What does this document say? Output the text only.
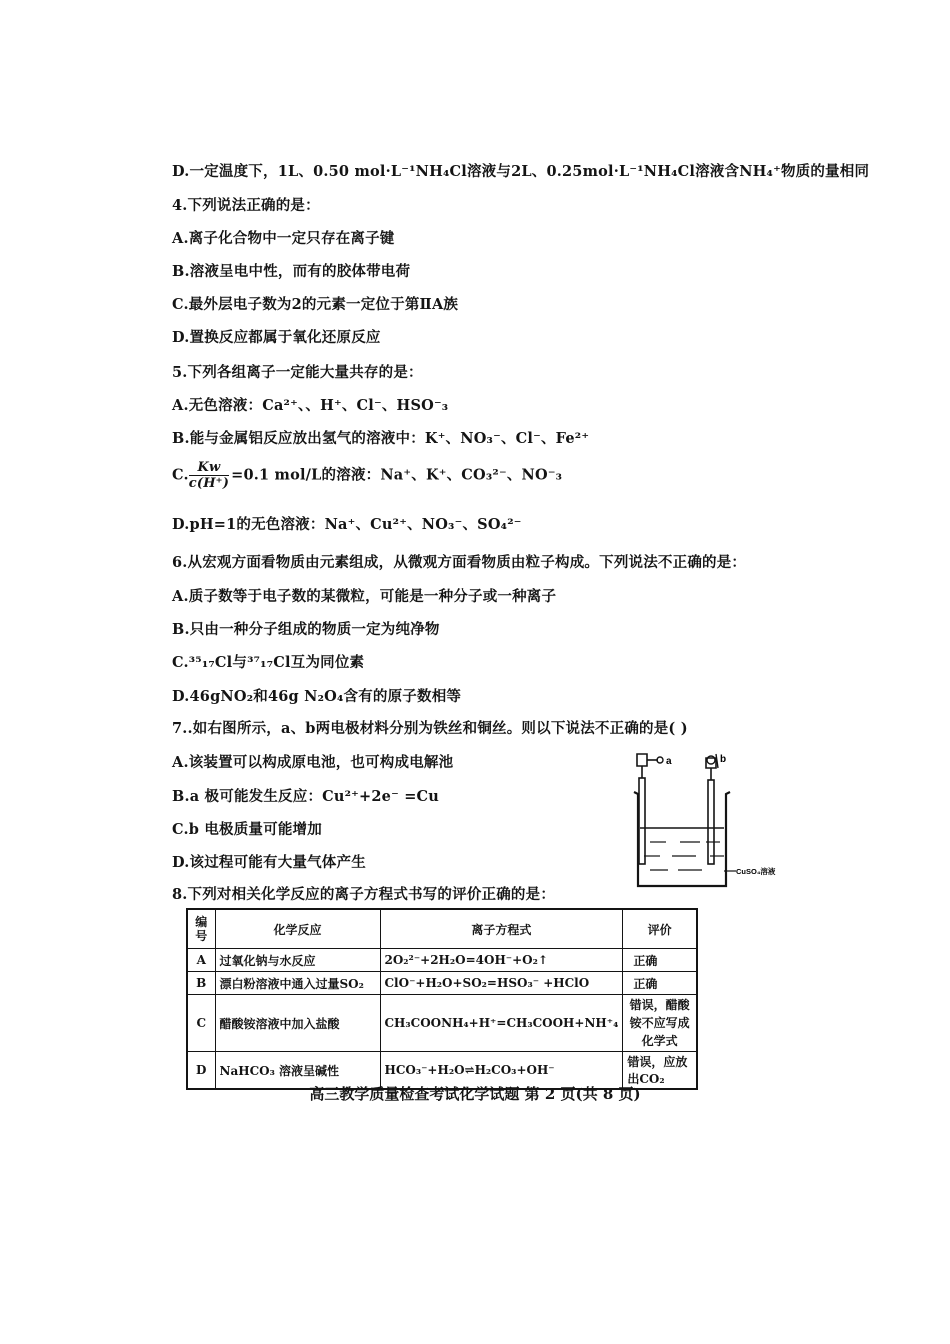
D.一定温度下，1L、0.50 mol·L⁻¹NH₄Cl溶液与2L、0.25mol·L⁻¹NH₄Cl溶液含NH₄⁺物质的量相同
4.下列说法正确的是：
A.离子化合物中一定只存在离子键
B.溶液呈电中性，而有的胶体带电荷
C.最外层电子数为2的元素一定位于第ⅡA族
D.置换反应都属于氧化还原反应
5.下列各组离子一定能大量共存的是：
A.无色溶液：Ca²⁺、、H⁺、Cl⁻、HSO⁻₃
B.能与金属铝反应放出氢气的溶液中：K⁺、NO₃⁻、Cl⁻、Fe²⁺
C. $\frac{Kw}{c(H^+)} =0.1$ mol/L的溶液：Na⁺、K⁺、CO₃²⁻、NO⁻₃
D.pH=1的无色溶液：Na⁺、Cu²⁺、NO₃⁻、SO₄²⁻
6.从宏观方面看物质由元素组成，从微观方面看物质由粒子构成。下列说法不正确的是：
A.质子数等于电子数的某微粒，可能是一种分子或一种离子
B.只由一种分子组成的物质一定为纯净物
C.³⁵₁₇Cl与³⁷₁₇Cl互为同位素
D.46gNO₂和46g N₂O₄含有的原子数相等
7..如右图所示，a、b两电极材料分别为铁丝和铜丝。则以下说法不正确的是( )
A.该装置可以构成原电池，也可构成电解池
B.a 极可能发生反应：Cu²⁺+2e⁻ =Cu
C.b 电极质量可能增加
D.该过程可能有大量气体产生
a	b
CuSO₄溶液
8.下列对相关化学反应的离子方程式书写的评价正确的是：
编号	化学反应	离子方程式	评价
A	过氧化钠与水反应	2O₂²⁻+2H₂O=4OH⁻+O₂↑	正确
B	漂白粉溶液中通入过量SO₂	ClO⁻+H₂O+SO₂=HSO₃⁻ +HClO	正确
C	醋酸铵溶液中加入盐酸	CH₃COONH₄+H⁺=CH₃COOH+NH⁺₄	错误，醋酸铵不应写成化学式
D	NaHCO₃ 溶液呈碱性	HCO₃⁻+H₂O⇌H₂CO₃+OH⁻	错误，应放出CO₂
高三教学质量检查考试化学试题 第 2 页(共 8 页)
